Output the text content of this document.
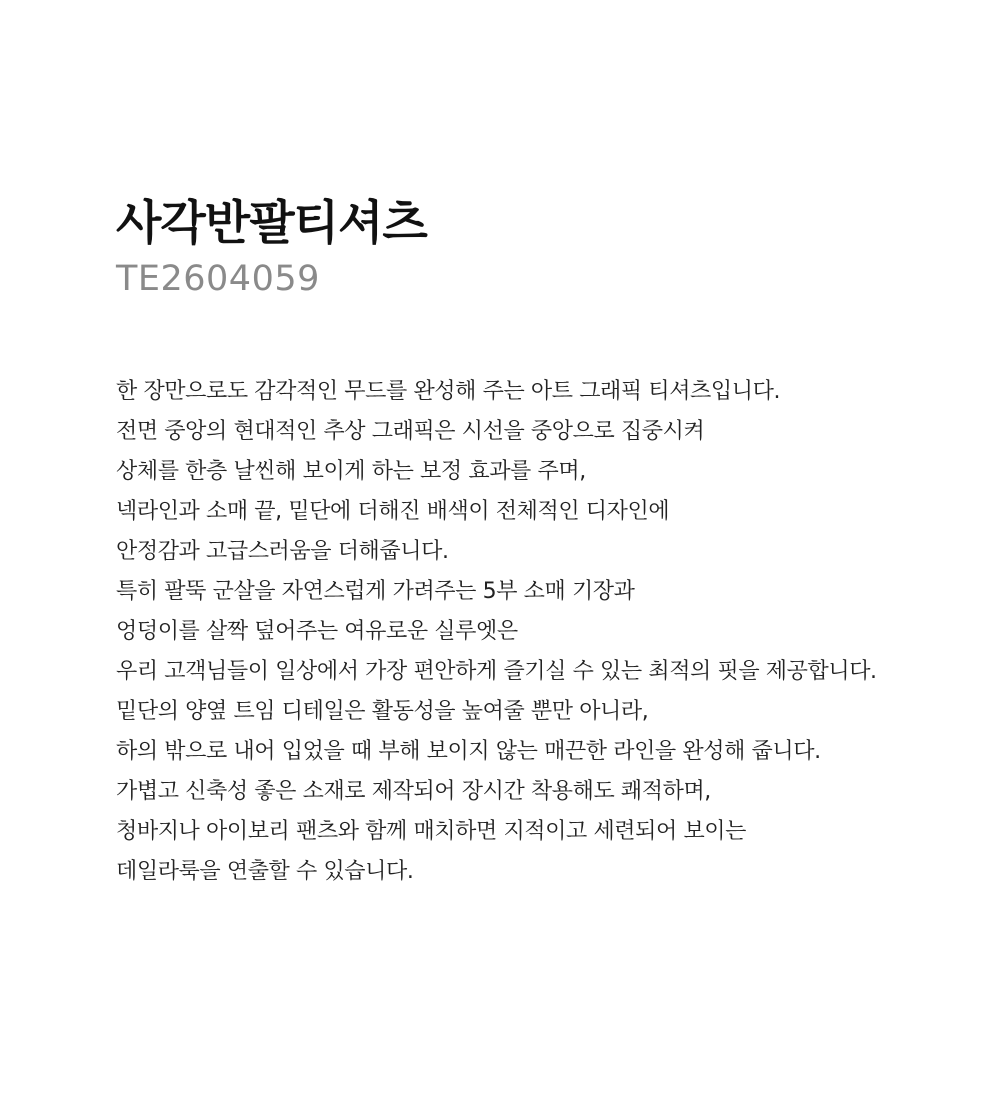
사각반팔티셔츠

TE2604059

한 장만으로도 감각적인 무드를 완성해 주는 아트 그래픽 티셔츠입니다.
전면 중앙의 현대적인 추상 그래픽은 시선을 중앙으로 집중시켜
상체를 한층 날씬해 보이게 하는 보정 효과를 주며,
넥라인과 소매 끝, 밑단에 더해진 배색이 전체적인 디자인에
안정감과 고급스러움을 더해줍니다.
특히 팔뚝 군살을 자연스럽게 가려주는 5부 소매 기장과
엉덩이를 살짝 덮어주는 여유로운 실루엣은
우리 고객님들이 일상에서 가장 편안하게 즐기실 수 있는 최적의 핏을 제공합니다.
밑단의 양옆 트임 디테일은 활동성을 높여줄 뿐만 아니라,
하의 밖으로 내어 입었을 때 부해 보이지 않는 매끈한 라인을 완성해 줍니다.
가볍고 신축성 좋은 소재로 제작되어 장시간 착용해도 쾌적하며,
청바지나 아이보리 팬츠와 함께 매치하면 지적이고 세련되어 보이는
데일라룩을 연출할 수 있습니다.
